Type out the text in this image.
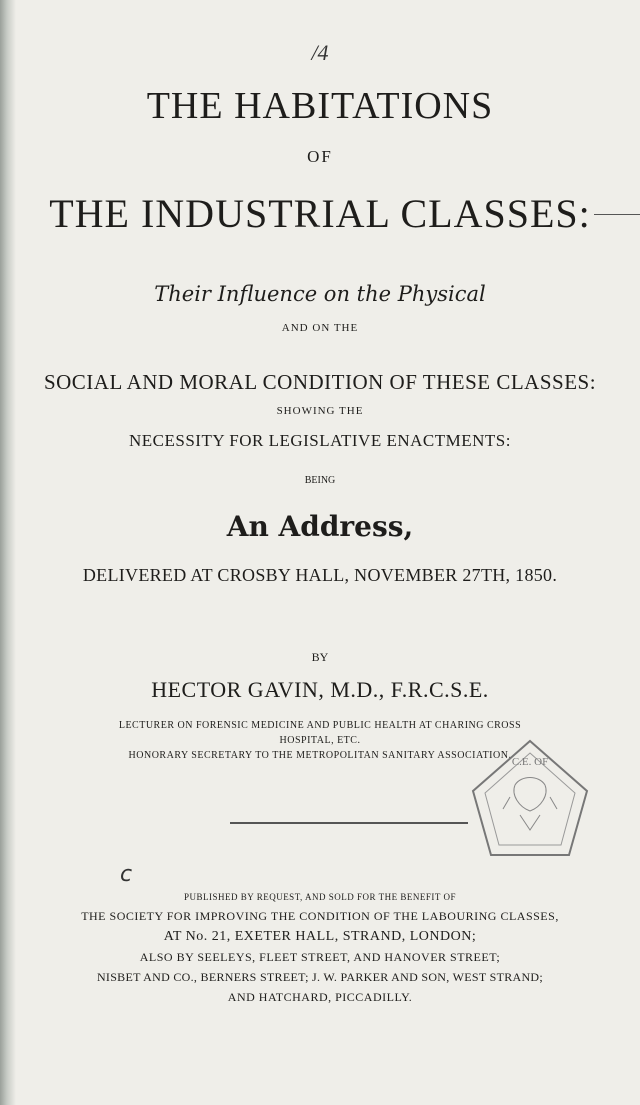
/4
THE HABITATIONS
OF
THE INDUSTRIAL CLASSES:
Their Influence on the Physical
AND ON THE
SOCIAL AND MORAL CONDITION OF THESE CLASSES:
SHOWING THE
NECESSITY FOR LEGISLATIVE ENACTMENTS:
BEING
An Address,
DELIVERED AT CROSBY HALL, NOVEMBER 27TH, 1850.
BY
HECTOR GAVIN, M.D., F.R.C.S.E.
LECTURER ON FORENSIC MEDICINE AND PUBLIC HEALTH AT CHARING CROSS
HOSPITAL, ETC.
HONORARY SECRETARY TO THE METROPOLITAN SANITARY ASSOCIATION.
C.E. OF
c
PUBLISHED BY REQUEST, AND SOLD FOR THE BENEFIT OF
THE SOCIETY FOR IMPROVING THE CONDITION OF THE LABOURING CLASSES,
AT No. 21, EXETER HALL, STRAND, LONDON;
ALSO BY SEELEYS, FLEET STREET, AND HANOVER STREET;
NISBET AND CO., BERNERS STREET; J. W. PARKER AND SON, WEST STRAND;
AND HATCHARD, PICCADILLY.
